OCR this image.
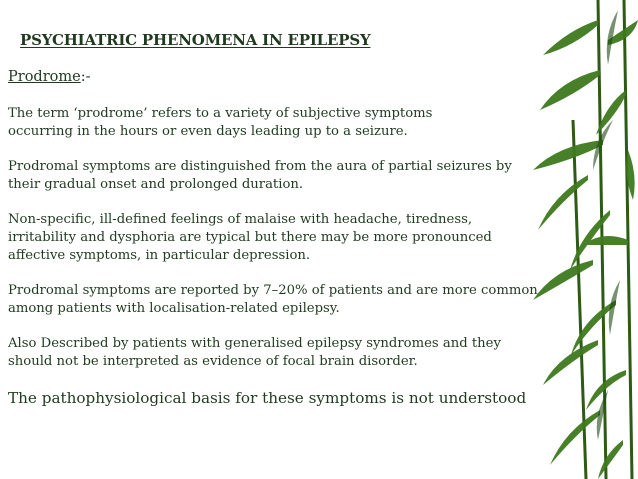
PSYCHIATRIC PHENOMENA IN EPILEPSY
Prodrome:-
The term ‘prodrome’ refers to a variety of subjective symptoms
occurring in the hours or even days leading up to a seizure.
Prodromal symptoms are distinguished from the aura of partial seizures by
their gradual onset and prolonged duration.
Non-specific, ill-defined feelings of malaise with headache, tiredness,
irritability and dysphoria are typical but there may be more pronounced
affective symptoms, in particular depression.
Prodromal symptoms are reported by 7–20% of patients and are more common
among patients with localisation-related epilepsy.
Also Described by patients with generalised epilepsy syndromes and they
should not be interpreted as evidence of focal brain disorder.
The pathophysiological basis for these symptoms is not understood
